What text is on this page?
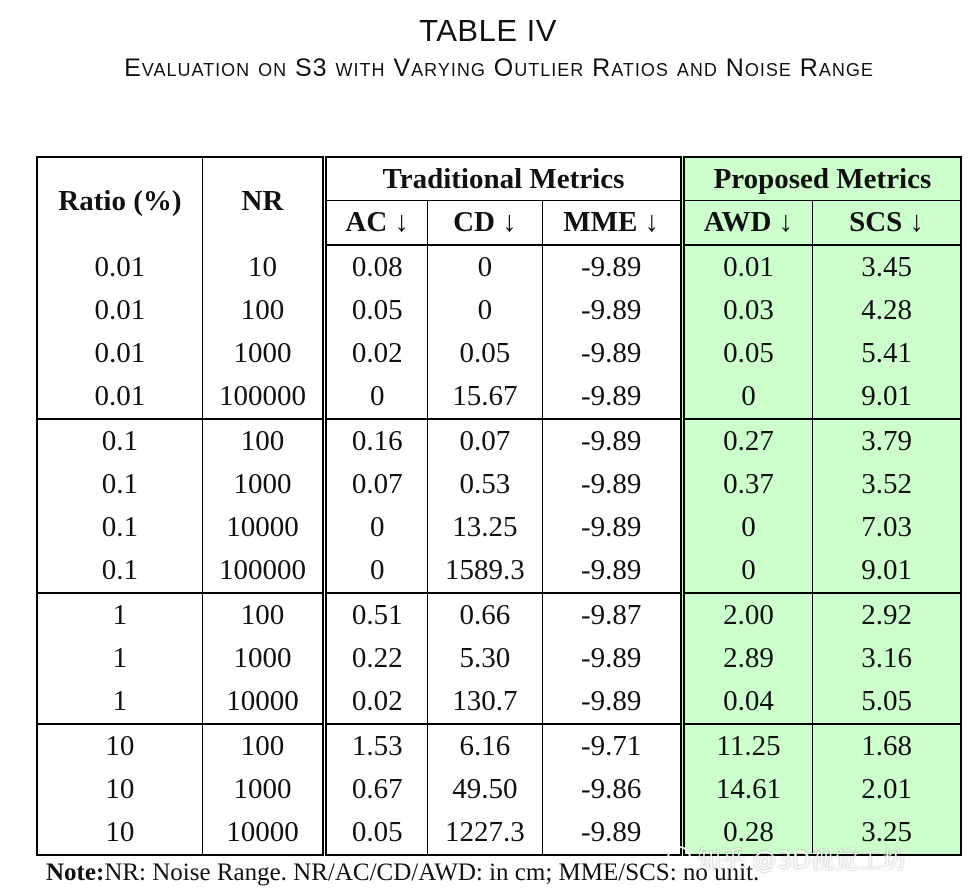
TABLE IV
Evaluation on S3 with Varying Outlier Ratios and Noise Range
Ratio (%)	NR	Traditional Metrics			Proposed Metrics	
		AC ↓	CD ↓	MME ↓	AWD ↓	SCS ↓
0.01	10	0.08	0	-9.89	0.01	3.45
0.01	100	0.05	0	-9.89	0.03	4.28
0.01	1000	0.02	0.05	-9.89	0.05	5.41
0.01	100000	0	15.67	-9.89	0	9.01
0.1	100	0.16	0.07	-9.89	0.27	3.79
0.1	1000	0.07	0.53	-9.89	0.37	3.52
0.1	10000	0	13.25	-9.89	0	7.03
0.1	100000	0	1589.3	-9.89	0	9.01
1	100	0.51	0.66	-9.87	2.00	2.92
1	1000	0.22	5.30	-9.89	2.89	3.16
1	10000	0.02	130.7	-9.89	0.04	5.05
10	100	1.53	6.16	-9.71	11.25	1.68
10	1000	0.67	49.50	-9.86	14.61	2.01
10	10000	0.05	1227.3	-9.89	0.28	3.25
Note:NR: Noise Range. NR/AC/CD/AWD: in cm; MME/SCS: no unit.
知乎 @3D视觉工坊
